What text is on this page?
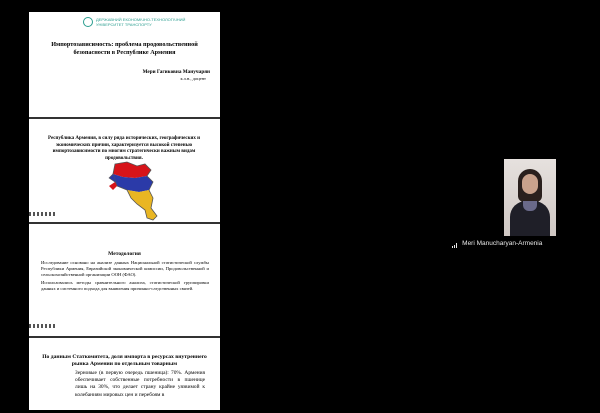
ДЕРЖАВНИЙ ЕКОНОМІЧНО-ТЕХНОЛОГІЧНИЙ
УНІВЕРСИТЕТ ТРАНСПОРТУ
Импортозависимость: проблема продовольственной безопасности в Республике Армения
Мери Гагиковна Манучарян
к.э.н., доцент
Республика Армения, в силу ряда исторических, географических и экономических причин, характеризуется высокой степенью импортозависимости по многим стратегически важным видам продовольствия.
Методология

Исследование основано на анализе данных Национальной статистической службы Республики Армения, Евразийской экономической комиссии, Продовольственной и сельскохозяйственной организации ООН (ФАО).

Использовались методы сравнительного анализа, статистической группировки данных и системного подхода для выявления причинно-следственных связей.

По данным Статкомитета, доля импорта в ресурсах внутреннего рынка Армении по отдельным товарным
Зерновые (в первую очередь пшеница): 70%. Армения обеспечивает собственные потребности в пшенице лишь на 30%, что делает страну крайне уязвимой к колебаниям мировых цен и перебоям в
Meri Manucharyan-Armenia
